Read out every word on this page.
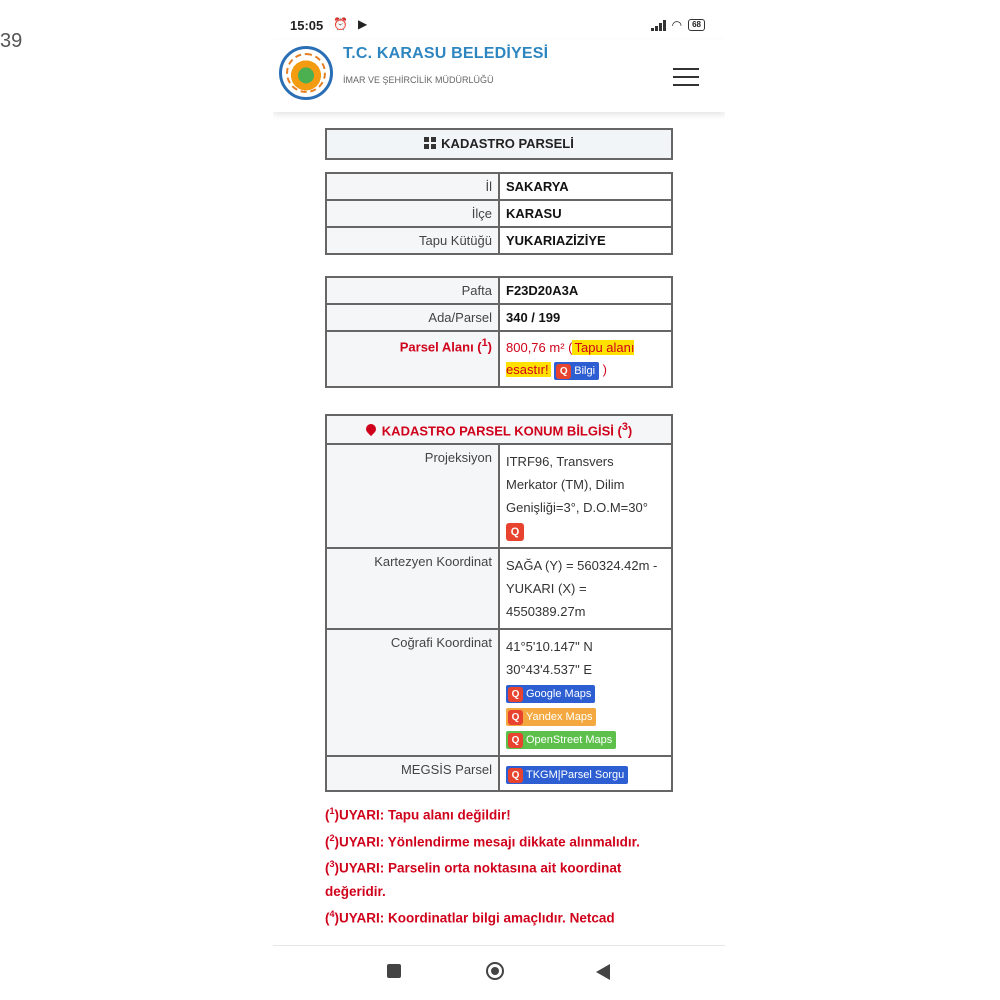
39
15:05 ⏰ ▶	◠	68
T.C. KARASU BELEDİYESİ
İMAR VE ŞEHİRCİLİK MÜDÜRLÜĞÜ
KADASTRO PARSELİ
İl	SAKARYA
İlçe	KARASU
Tapu Kütüğü	YUKARIAZİZİYE
Pafta	F23D20A3A
Ada/Parsel	340 / 199
Parsel Alanı ($^1$)	800,76 m² ( Tapu alanı esastır! Q Bilgi )
KADASTRO PARSEL KONUM BİLGİSİ ($^3$)	
Projeksiyon	ITRF96, Transvers Merkator (TM), Dilim Genişliği=3°, D.O.M=30° Q
Kartezyen Koordinat	SAĞA (Y) = 560324.42m - YUKARI (X) = 4550389.27m
Coğrafi Koordinat	41°5'10.147" N
30°43'4.537" E
Q Google Maps
Q Yandex Maps
Q OpenStreet Maps

MEGSİS Parsel	Q TKGM|Parsel Sorgu
($^1$)UYARI: Tapu alanı değildir!
($^2$)UYARI: Yönlendirme mesajı dikkate alınmalıdır.
($^3$)UYARI: Parselin orta noktasına ait koordinat değeridir.
($^4$)UYARI: Koordinatlar bilgi amaçlıdır. Netcad
